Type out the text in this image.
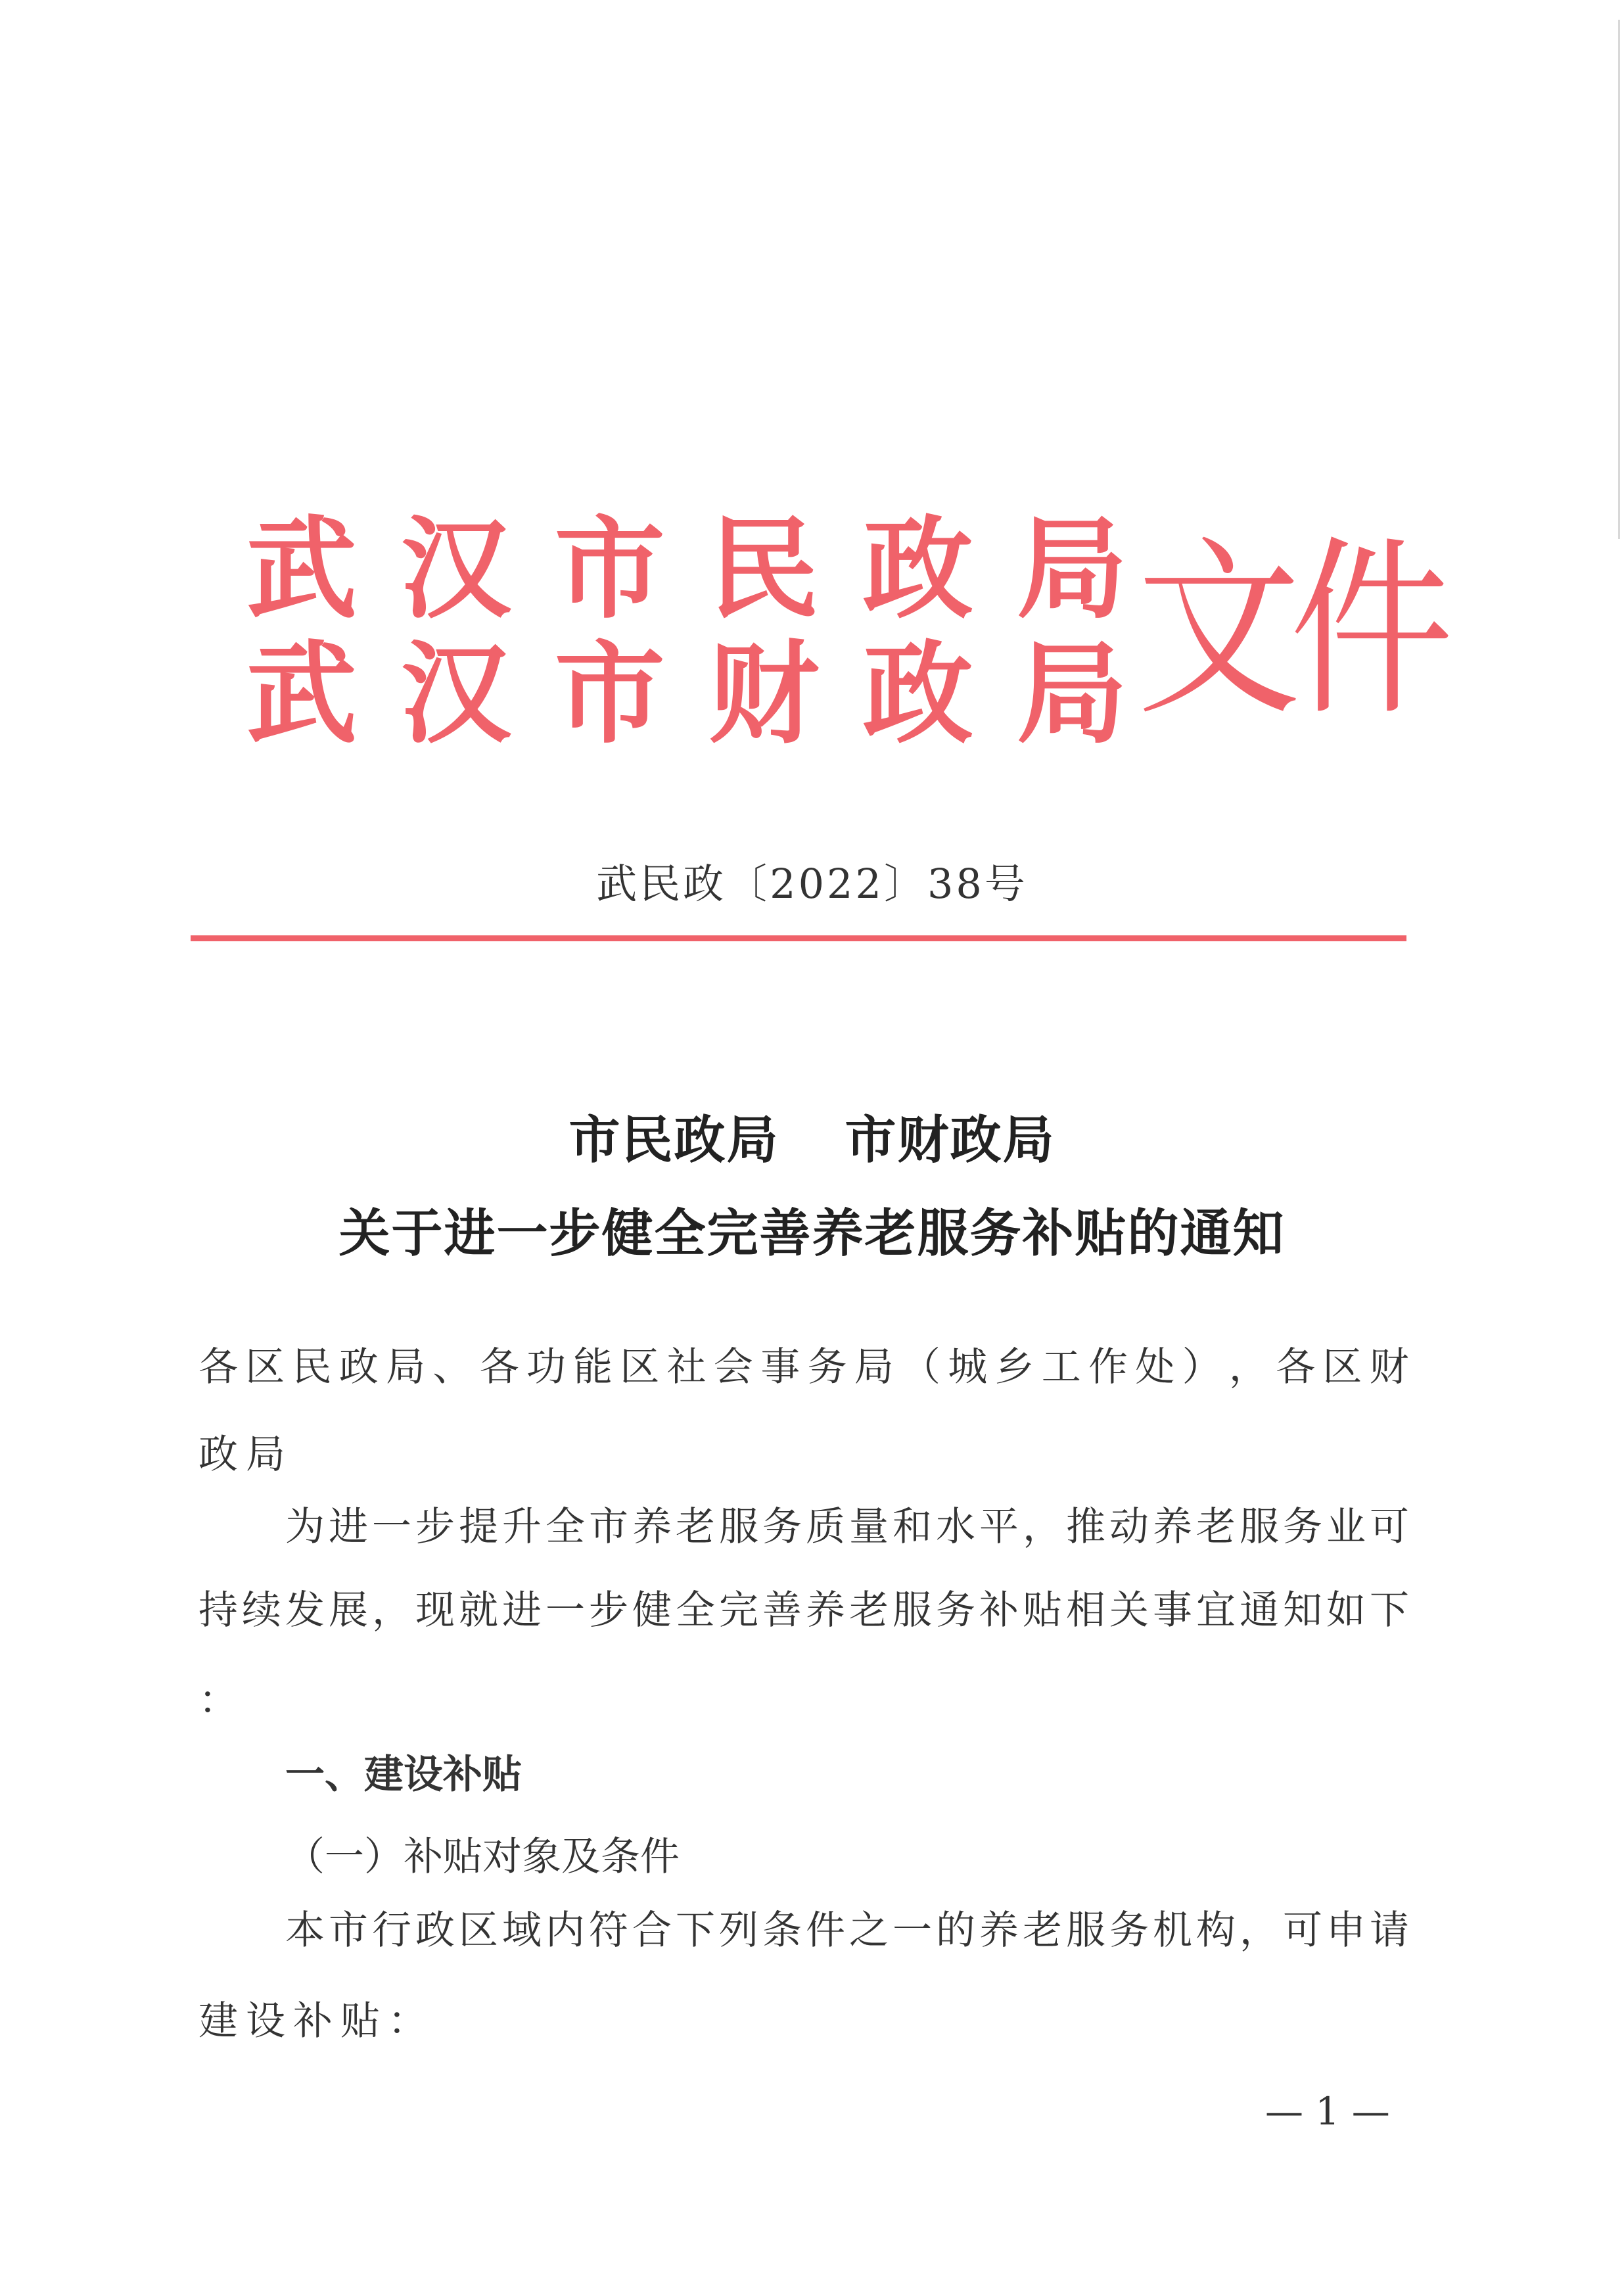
武 汉 市 民 政 局
武 汉 市 财 政 局 文件
武民政〔2022〕38号
市民政局 市财政局
关于进一步健全完善养老服务补贴的通知
各 区 民 政 局 、 各 功 能 区 社 会 事 务 局 （ 城 乡 工 作 处 ） ， 各 区 财
政局
为 进 一 步 提 升 全 市 养 老 服 务 质 量 和 水 平 ， 推 动 养 老 服 务 业 可
持 续 发 展 ， 现 就 进 一 步 健 全 完 善 养 老 服 务 补 贴 相 关 事 宜 通 知 如 下
：
一、建设补贴
（一）补贴对象及条件
本 市 行 政 区 域 内 符 合 下 列 条 件 之 一 的 养 老 服 务 机 构 ， 可 申 请
建设补贴：
— 1 —
